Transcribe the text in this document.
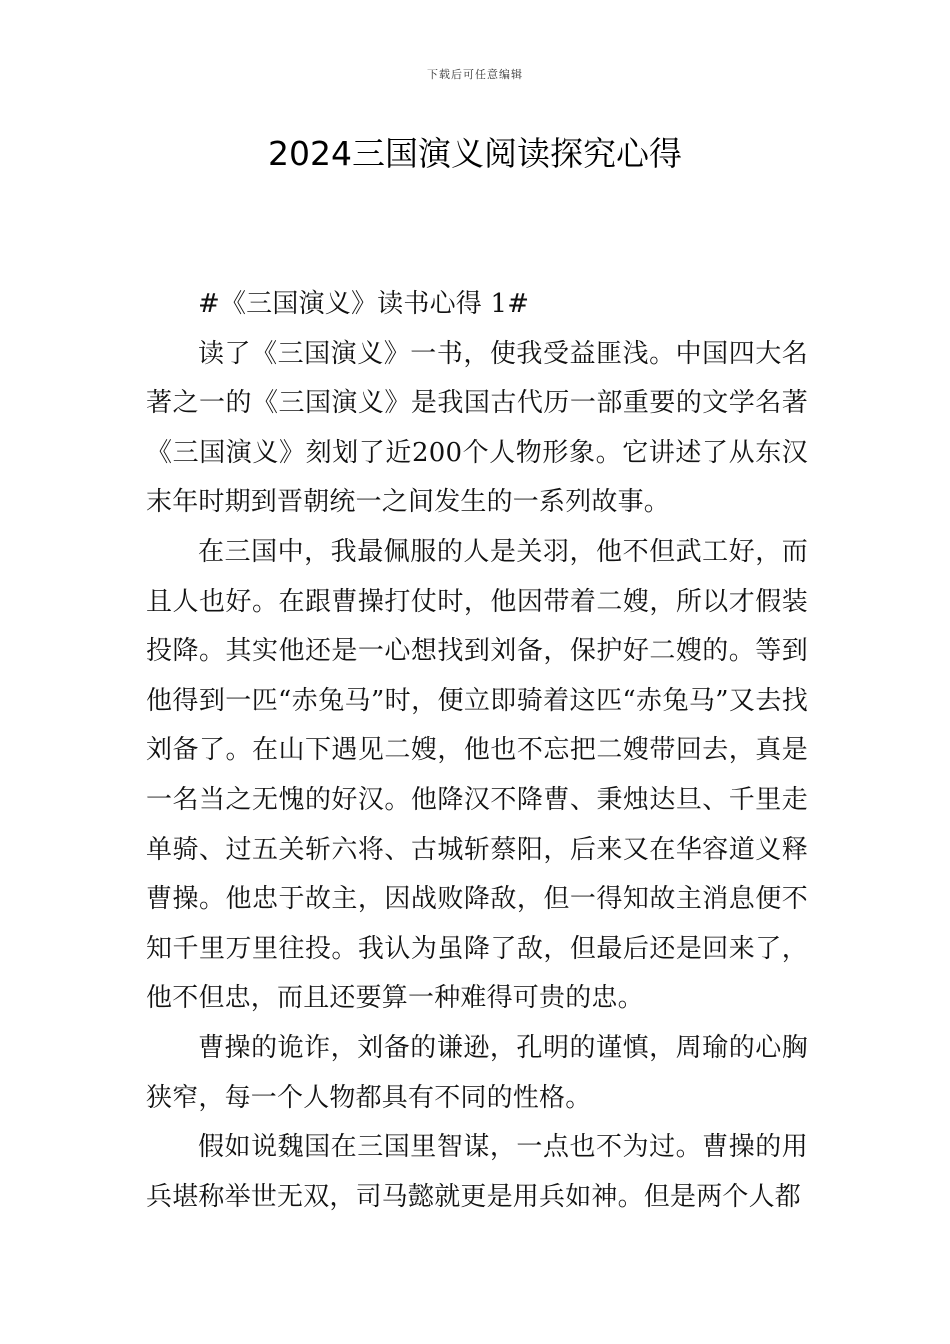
下载后可任意编辑
2024三国演义阅读探究心得

#《三国演义》读书心得 1#

读了《三国演义》一书，使我受益匪浅。中国四大名著之一的《三国演义》是我国古代历一部重要的文学名著《三国演义》刻划了近200个人物形象。它讲述了从东汉末年时期到晋朝统一之间发生的一系列故事。

在三国中，我最佩服的人是关羽，他不但武工好，而且人也好。在跟曹操打仗时，他因带着二嫂，所以才假装投降。其实他还是一心想找到刘备，保护好二嫂的。等到他得到一匹“赤兔马”时，便立即骑着这匹“赤兔马”又去找刘备了。在山下遇见二嫂，他也不忘把二嫂带回去，真是一名当之无愧的好汉。他降汉不降曹、秉烛达旦、千里走单骑、过五关斩六将、古城斩蔡阳，后来又在华容道义释曹操。他忠于故主，因战败降敌，但一得知故主消息便不知千里万里往投。我认为虽降了敌，但最后还是回来了，他不但忠，而且还要算一种难得可贵的忠。

曹操的诡诈，刘备的谦逊，孔明的谨慎，周瑜的心胸狭窄，每一个人物都具有不同的性格。

假如说魏国在三国里智谋，一点也不为过。曹操的用兵堪称举世无双，司马懿就更是用兵如神。但是两个人都
